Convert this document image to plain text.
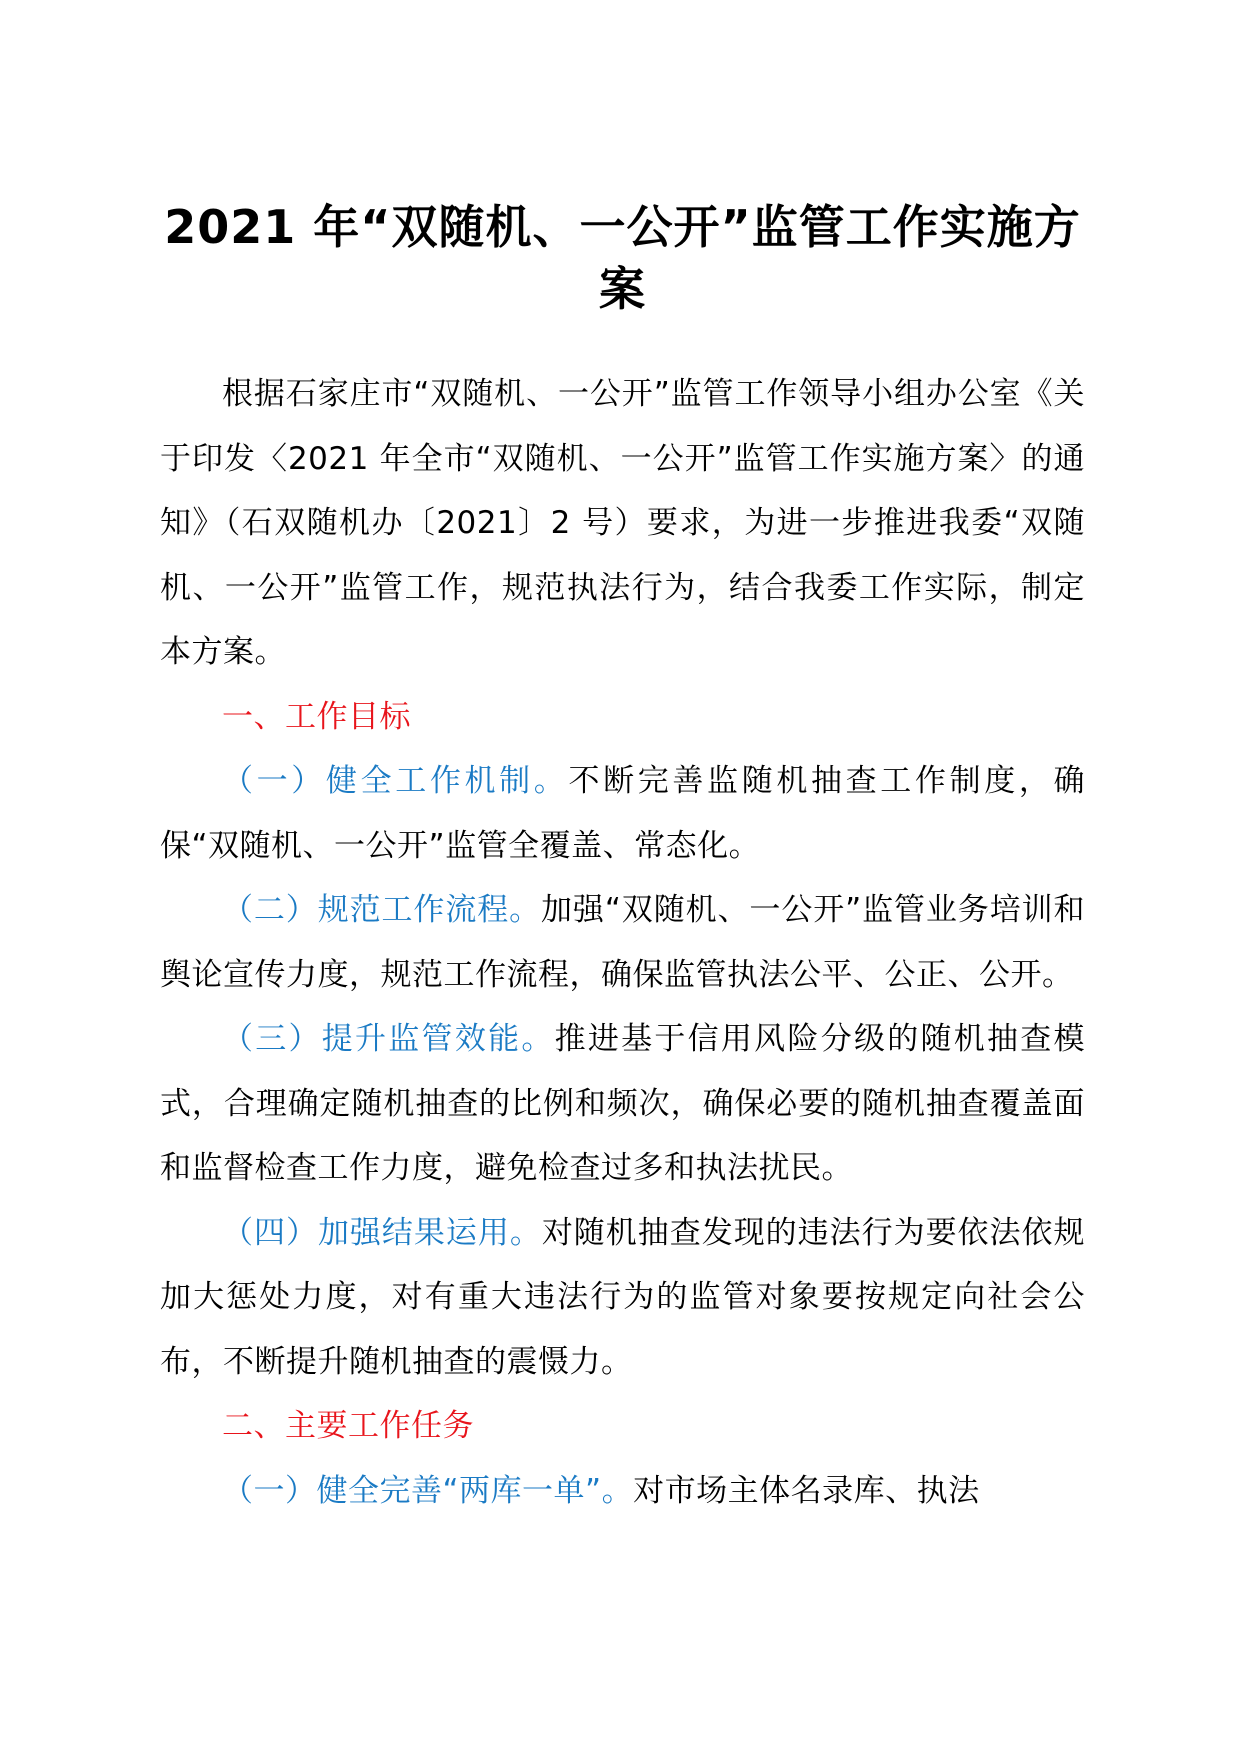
2021 年“双随机、一公开”监管工作实施方案

根据石家庄市“双随机、一公开”监管工作领导小组办公室《关于印发〈2021 年全市“双随机、一公开”监管工作实施方案〉的通知》（石双随机办〔2021〕2 号）要求，为进一步推进我委“双随机、一公开”监管工作，规范执法行为，结合我委工作实际，制定本方案。

一、工作目标

（一）健全工作机制。不断完善监随机抽查工作制度，确保“双随机、一公开”监管全覆盖、常态化。

（二）规范工作流程。加强“双随机、一公开”监管业务培训和舆论宣传力度，规范工作流程，确保监管执法公平、公正、公开。

（三）提升监管效能。推进基于信用风险分级的随机抽查模式，合理确定随机抽查的比例和频次，确保必要的随机抽查覆盖面和监督检查工作力度，避免检查过多和执法扰民。

（四）加强结果运用。对随机抽查发现的违法行为要依法依规加大惩处力度，对有重大违法行为的监管对象要按规定向社会公布，不断提升随机抽查的震慑力。

二、主要工作任务

（一）健全完善“两库一单”。对市场主体名录库、执法
